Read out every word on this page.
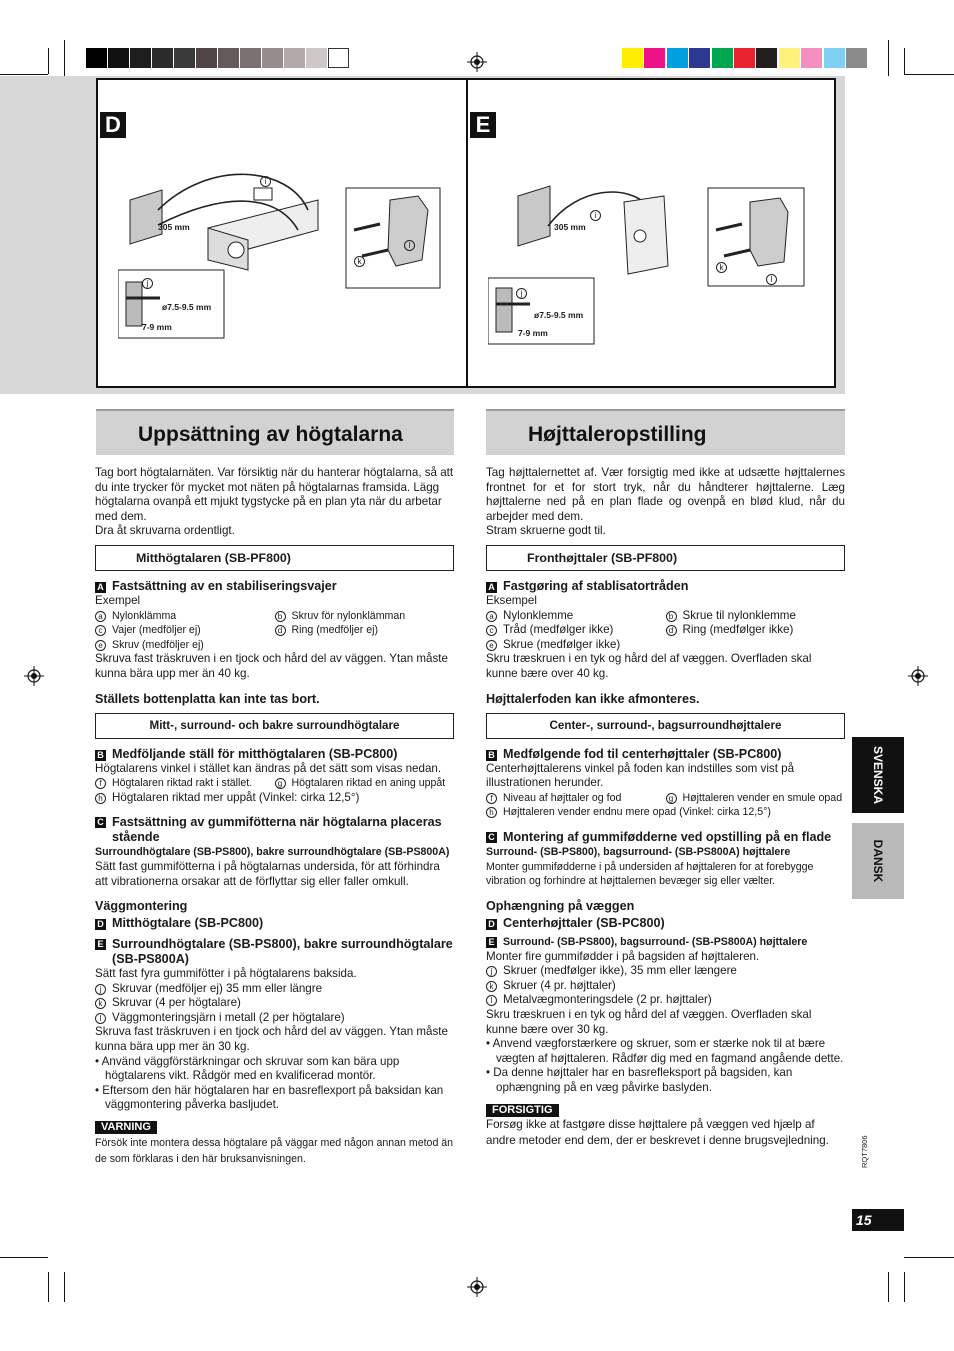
D
305 mm
ø7.5-9.5 mm
7-9 mm
i
j
k
l
E
305 mm
ø7.5-9.5 mm
7-9 mm
i
j
k
l
Uppsättning av högtalarna	Højttaleropstilling

Tag bort högtalarnäten. Var försiktig när du hanterar högtalarna, så att du inte trycker för mycket mot näten på högtalarnas framsida. Lägg högtalarna ovanpå ett mjukt tygstycke på en plan yta när du arbetar med dem.

Dra åt skruvarna ordentligt.

Mitthögtalaren (SB-PF800)
A Fastsättning av en stabiliseringsvajer

Exempel

a Nylonklämma	b Skruv för nylonklämman
c Vajer (medföljer ej)	d Ring (medföljer ej)
e Skruv (medföljer ej)

Skruva fast träskruven i en tjock och hård del av väggen. Ytan måste kunna bära upp mer än 40 kg.

Ställets bottenplatta kan inte tas bort.
Mitt-, surround- och bakre surroundhögtalare
B Medföljande ställ för mitthögtalaren (SB-PC800)

Högtalarens vinkel i stället kan ändras på det sätt som visas nedan.

f Högtalaren riktad rakt i stället.	g Högtalaren riktad en aning uppåt
h Högtalaren riktad mer uppåt (Vinkel: cirka 12,5°)
C Fastsättning av gummifötterna när högtalarna placeras stående

Surroundhögtalare (SB-PS800), bakre surroundhögtalare (SB-PS800A)

Sätt fast gummifötterna i på högtalarnas undersida, för att förhindra att vibrationerna orsakar att de förflyttar sig eller faller omkull.

Väggmontering
D Mitthögtalare (SB-PC800)
E Surroundhögtalare (SB-PS800), bakre surroundhögtalare (SB-PS800A)

Sätt fast fyra gummifötter i på högtalarens baksida.

j Skruvar (medföljer ej) 35 mm eller längre
k Skruvar (4 per högtalare)
l Väggmonteringsjärn i metall (2 per högtalare)

Skruva fast träskruven i en tjock och hård del av väggen. Ytan måste kunna bära upp mer än 30 kg.

• Använd väggförstärkningar och skruvar som kan bära upp högtalarens vikt. Rådgör med en kvalificerad montör.

• Eftersom den här högtalaren har en basreflexport på baksidan kan väggmontering påverka basljudet.

VARNING

Försök inte montera dessa högtalare på väggar med någon annan metod än de som förklaras i den här bruksanvisningen.

Tag højttalernettet af. Vær forsigtig med ikke at udsætte højttalernes frontnet for et for stort tryk, når du håndterer højttalerne. Læg højttalerne ned på en plan flade og ovenpå en blød klud, når du arbejder med dem.

Stram skruerne godt til.

Fronthøjttaler (SB-PF800)
A Fastgøring af stablisatortråden

Eksempel

a Nylonklemme	b Skrue til nylonklemme
c Tråd (medfølger ikke)	d Ring (medfølger ikke)
e Skrue (medfølger ikke)

Skru træskruen i en tyk og hård del af væggen. Overfladen skal kunne bære over 40 kg.

Højttalerfoden kan ikke afmonteres.
Center-, surround-, bagsurroundhøjttalere
B Medfølgende fod til centerhøjttaler (SB-PC800)

Centerhøjttalerens vinkel på foden kan indstilles som vist på illustrationen herunder.

f Niveau af højttaler og fod	g Højttaleren vender en smule opad
h Højttaleren vender endnu mere opad (Vinkel: cirka 12,5°)
C Montering af gummifødderne ved opstilling på en flade

Surround- (SB-PS800), bagsurround- (SB-PS800A) højttalere

Monter gummifødderne i på undersiden af højttaleren for at forebygge vibration og forhindre at højttalernen bevæger sig eller vælter.

Ophængning på væggen
D Centerhøjttaler (SB-PC800)
E Surround- (SB-PS800), bagsurround- (SB-PS800A) højttalere

Monter fire gummifødder i på bagsiden af højttaleren.

j Skruer (medfølger ikke), 35 mm eller længere
k Skruer (4 pr. højttaler)
l Metalvægmonteringsdele (2 pr. højttaler)

Skru træskruen i en tyk og hård del af væggen. Overfladen skal kunne bære over 30 kg.

• Anvend vægforstærkere og skruer, som er stærke nok til at bære vægten af højttaleren. Rådfør dig med en fagmand angående dette.

• Da denne højttaler har en basrefleksport på bagsiden, kan ophængning på en væg påvirke baslyden.

FORSIGTIG

Forsøg ikke at fastgøre disse højttalere på væggen ved hjælp af andre metoder end dem, der er beskrevet i denne brugsvejledning.

SVENSKA
DANSK
RQT7806
15
